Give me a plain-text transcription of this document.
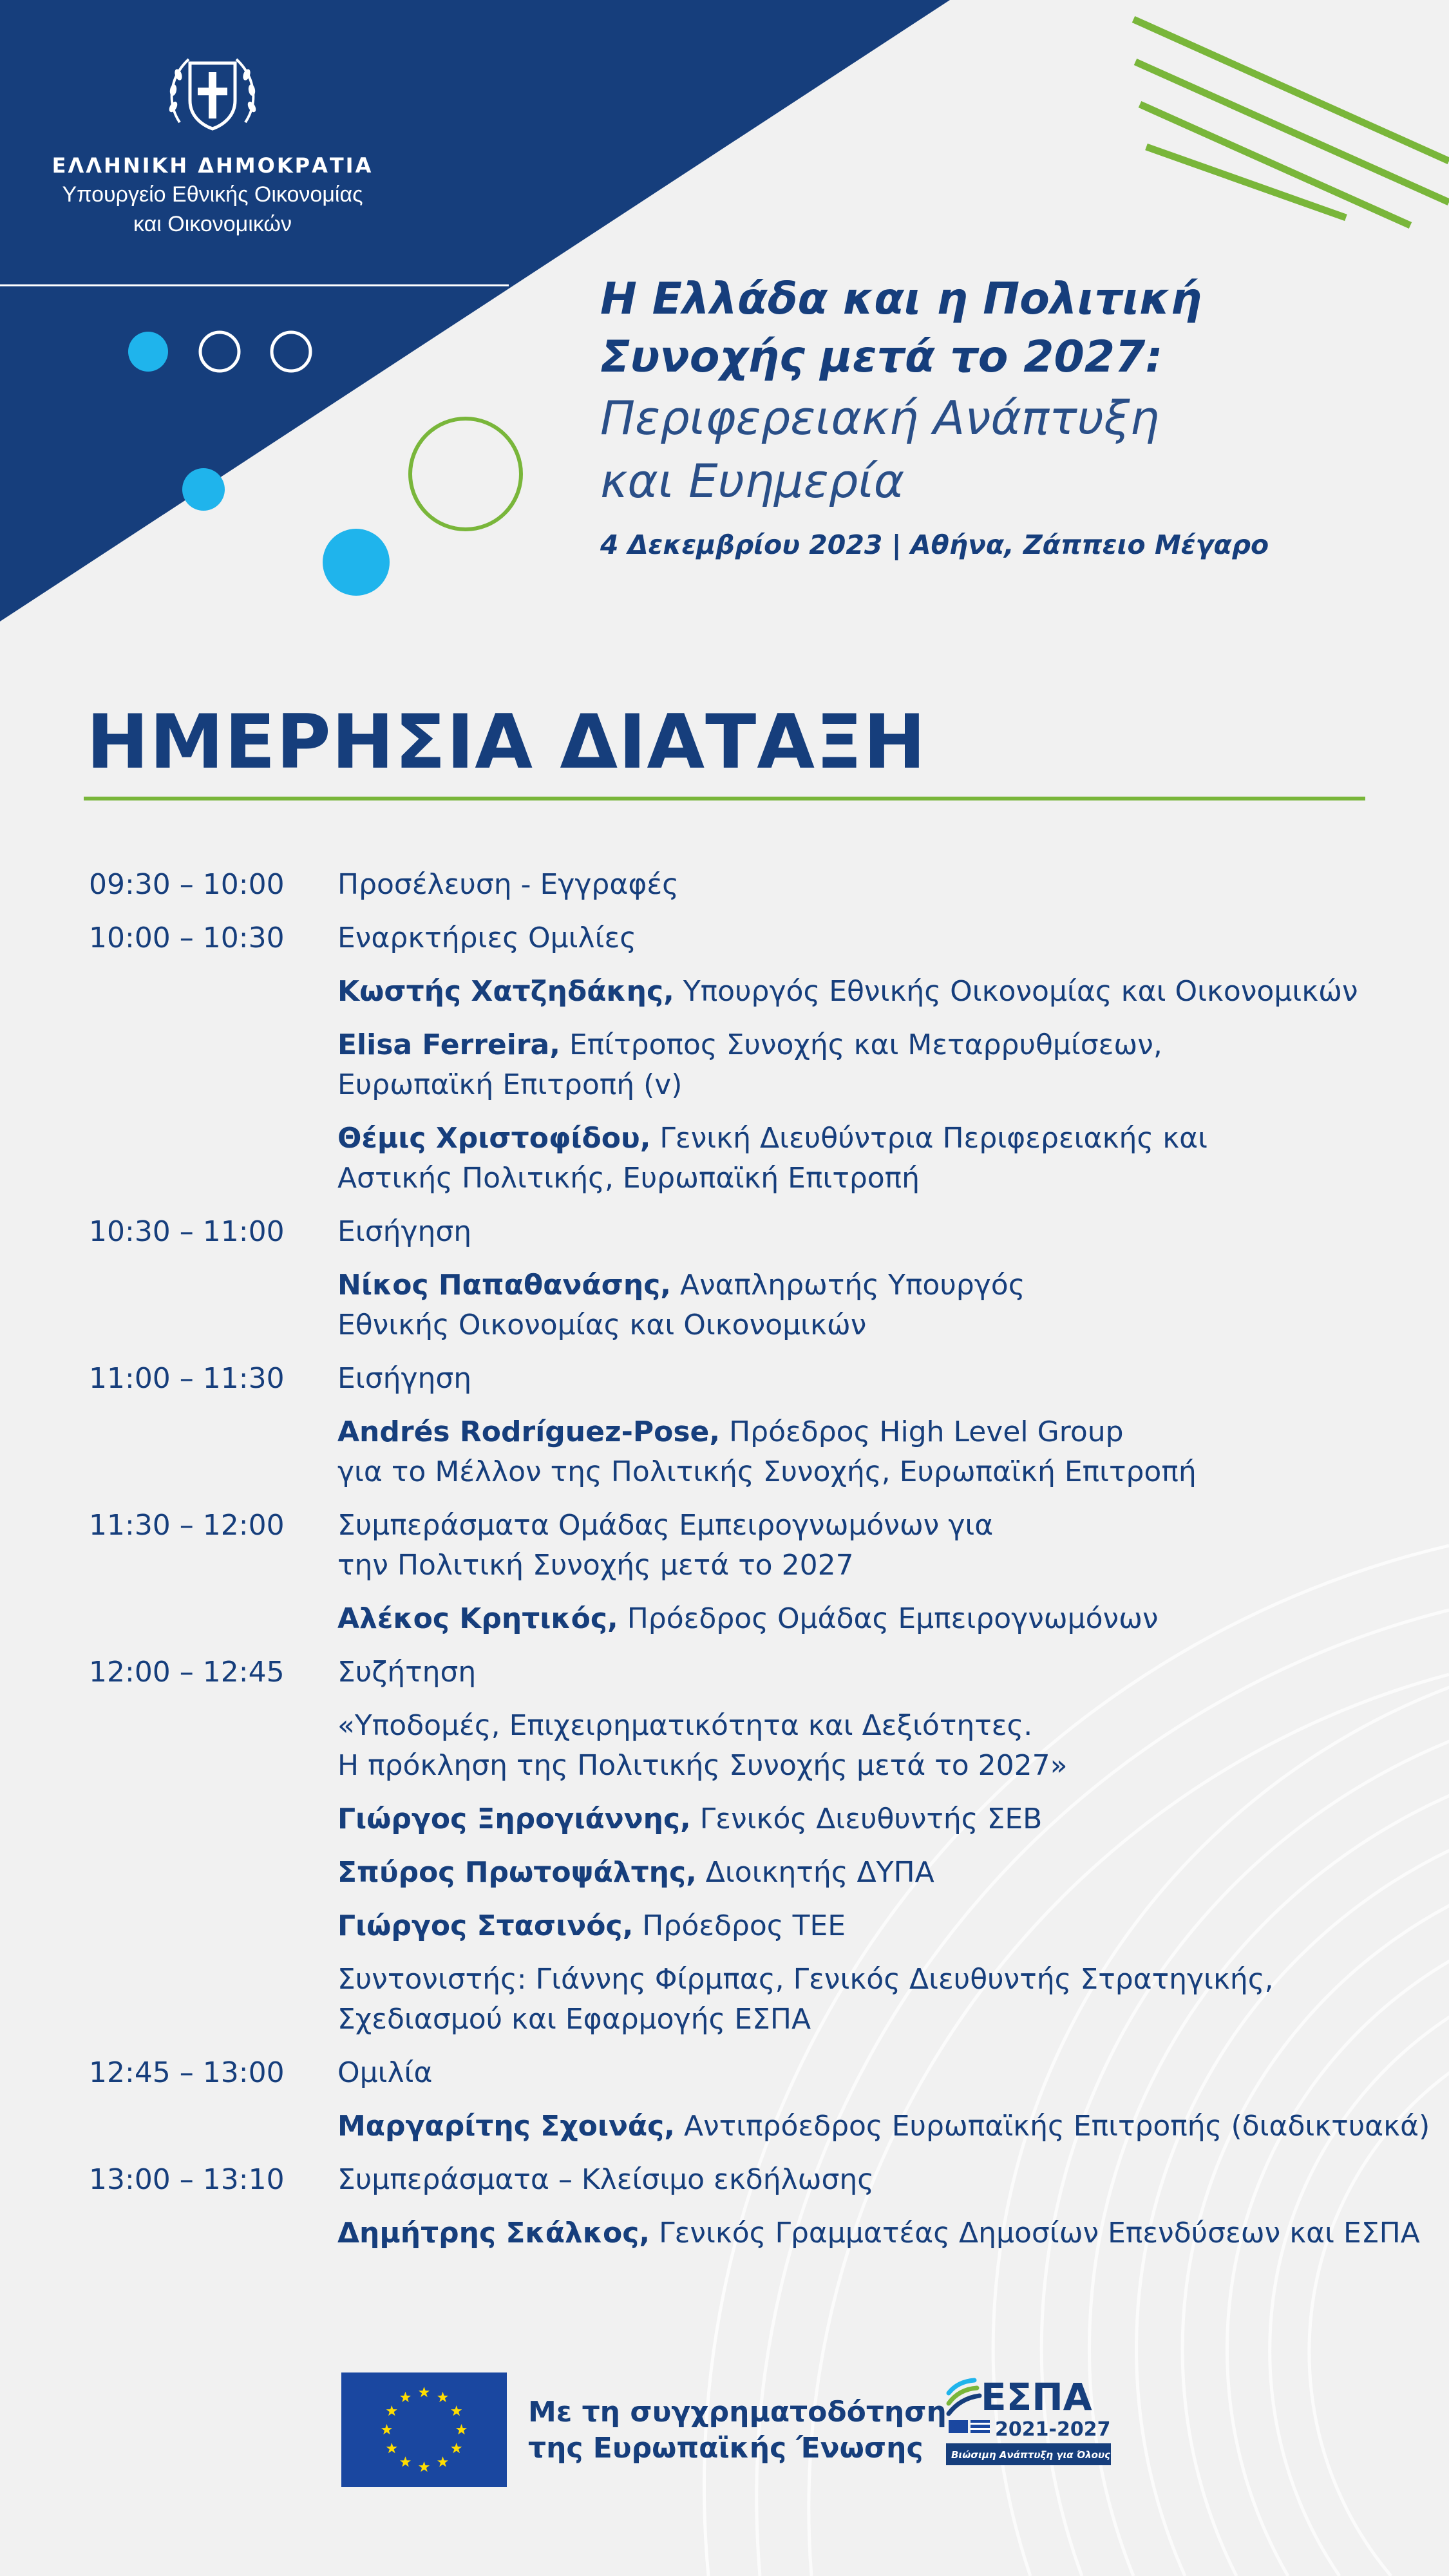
ΕΛΛΗΝΙΚΗ ΔΗΜΟΚΡΑΤΙΑ
Υπουργείο Εθνικής Οικονομίας
και Οικονομικών
Η Ελλάδα και η Πολιτική
Συνοχής μετά το 2027:
Περιφερειακή Ανάπτυξη
και Ευημερία
4 Δεκεμβρίου 2023 | Αθήνα, Ζάππειο Μέγαρο
ΗΜΕΡΗΣΙΑ ΔΙΑΤΑΞΗ
09:30 – 10:00	Προσέλευση - Εγγραφές
10:00 – 10:30	Εναρκτήριες Ομιλίες
Κωστής Χατζηδάκης, Υπουργός Εθνικής Οικονομίας και Οικονομικών
Elisa Ferreira, Επίτροπος Συνοχής και Μεταρρυθμίσεων,
Ευρωπαϊκή Επιτροπή (v)
Θέμις Χριστοφίδου, Γενική Διευθύντρια Περιφερειακής και
Αστικής Πολιτικής, Ευρωπαϊκή Επιτροπή
10:30 – 11:00	Εισήγηση
Νίκος Παπαθανάσης, Αναπληρωτής Υπουργός
Εθνικής Οικονομίας και Οικονομικών
11:00 – 11:30	Εισήγηση
Andrés Rodríguez-Pose, Πρόεδρος High Level Group
για το Μέλλον της Πολιτικής Συνοχής, Ευρωπαϊκή Επιτροπή
11:30 – 12:00	Συμπεράσματα Ομάδας Εμπειρογνωμόνων για
την Πολιτική Συνοχής μετά το 2027
Αλέκος Κρητικός, Πρόεδρος Ομάδας Εμπειρογνωμόνων
12:00 – 12:45	Συζήτηση
«Υποδομές, Επιχειρηματικότητα και Δεξιότητες.
Η πρόκληση της Πολιτικής Συνοχής μετά το 2027»
Γιώργος Ξηρογιάννης, Γενικός Διευθυντής ΣΕΒ
Σπύρος Πρωτοψάλτης, Διοικητής ΔΥΠΑ
Γιώργος Στασινός, Πρόεδρος ΤΕΕ
Συντονιστής: Γιάννης Φίρμπας, Γενικός Διευθυντής Στρατηγικής,
Σχεδιασμού και Εφαρμογής ΕΣΠΑ
12:45 – 13:00	Ομιλία
Μαργαρίτης Σχοινάς, Αντιπρόεδρος Ευρωπαϊκής Επιτροπής (διαδικτυακά)
13:00 – 13:10	Συμπεράσματα – Κλείσιμο εκδήλωσης
Δημήτρης Σκάλκος, Γενικός Γραμματέας Δημοσίων Επενδύσεων και ΕΣΠΑ
Με τη συγχρηματοδότηση
της Ευρωπαϊκής Ένωσης
ΕΣΠΑ
2021-2027
Βιώσιμη Ανάπτυξη για Όλους
